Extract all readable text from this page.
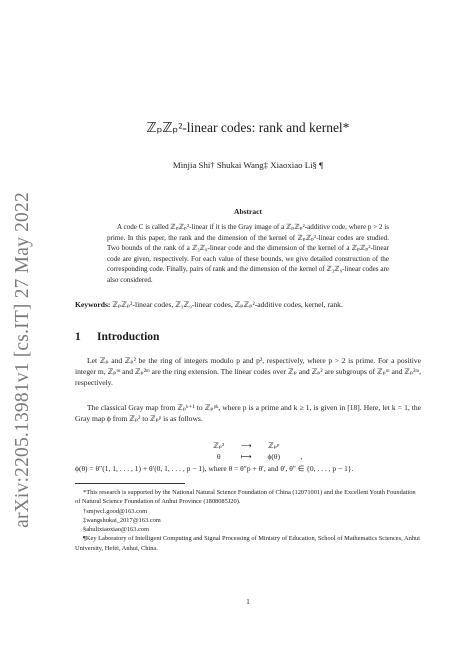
arXiv:2205.13981v1 [cs.IT] 27 May 2022
ℤₚℤₚ²-linear codes: rank and kernel*
Minjia Shi† Shukai Wang‡ Xiaoxiao Li§ ¶
Abstract
A code C is called ℤₚℤₚ²-linear if it is the Gray image of a ℤₚℤₚ²-additive code, where p > 2 is prime. In this paper, the rank and the dimension of the kernel of ℤₚℤₚ²-linear codes are studied. Two bounds of the rank of a ℤ₃ℤ₉-linear code and the dimension of the kernel of a ℤₚℤₚ²-linear code are given, respectively. For each value of these bounds, we give detailed construction of the corresponding code. Finally, pairs of rank and the dimension of the kernel of ℤ₃ℤ₉-linear codes are also considered.
Keywords: ℤₚℤₚ²-linear codes, ℤ₃ℤ₉-linear codes, ℤₚℤₚ²-additive codes, kernel, rank.
1 Introduction
Let ℤₚ and ℤₚ² be the ring of integers modulo p and p², respectively, where p > 2 is prime. For a positive integer m, ℤₚᵐ and ℤₚ²ᵐ are the ring extension. The linear codes over ℤₚ and ℤₚ² are subgroups of ℤₚᵐ and ℤₚ²ᵐ, respectively.
The classical Gray map from ℤₚᵏ⁺¹ to ℤₚᵖᵏ, where p is a prime and k ≥ 1, is given in [18]. Here, let k = 1, the Gray map ϕ from ℤₚ² to ℤₚᵖ is as follows.
ℤₚ²	⟶	ℤₚᵖ
θ	⟼	ϕ(θ)	,
ϕ(θ) = θ″(1, 1, . . . , 1) + θ′(0, 1, . . . , p − 1), where θ = θ″p + θ′, and θ′, θ″ ∈ {0, . . . , p − 1}.

*This research is supported by the National Natural Science Foundation of China (12071001) and the Excellent Youth Foundation of Natural Science Foundation of Anhui Province (1808085J20).

†smjwcl.good@163.com

‡wangshukai_2017@163.com

§ahulixiaoxiao@163.com

¶Key Laboratory of Intelligent Computing and Signal Processing of Ministry of Education, School of Mathematics Sciences, Anhui University, Hefei, Anhui, China.

1
